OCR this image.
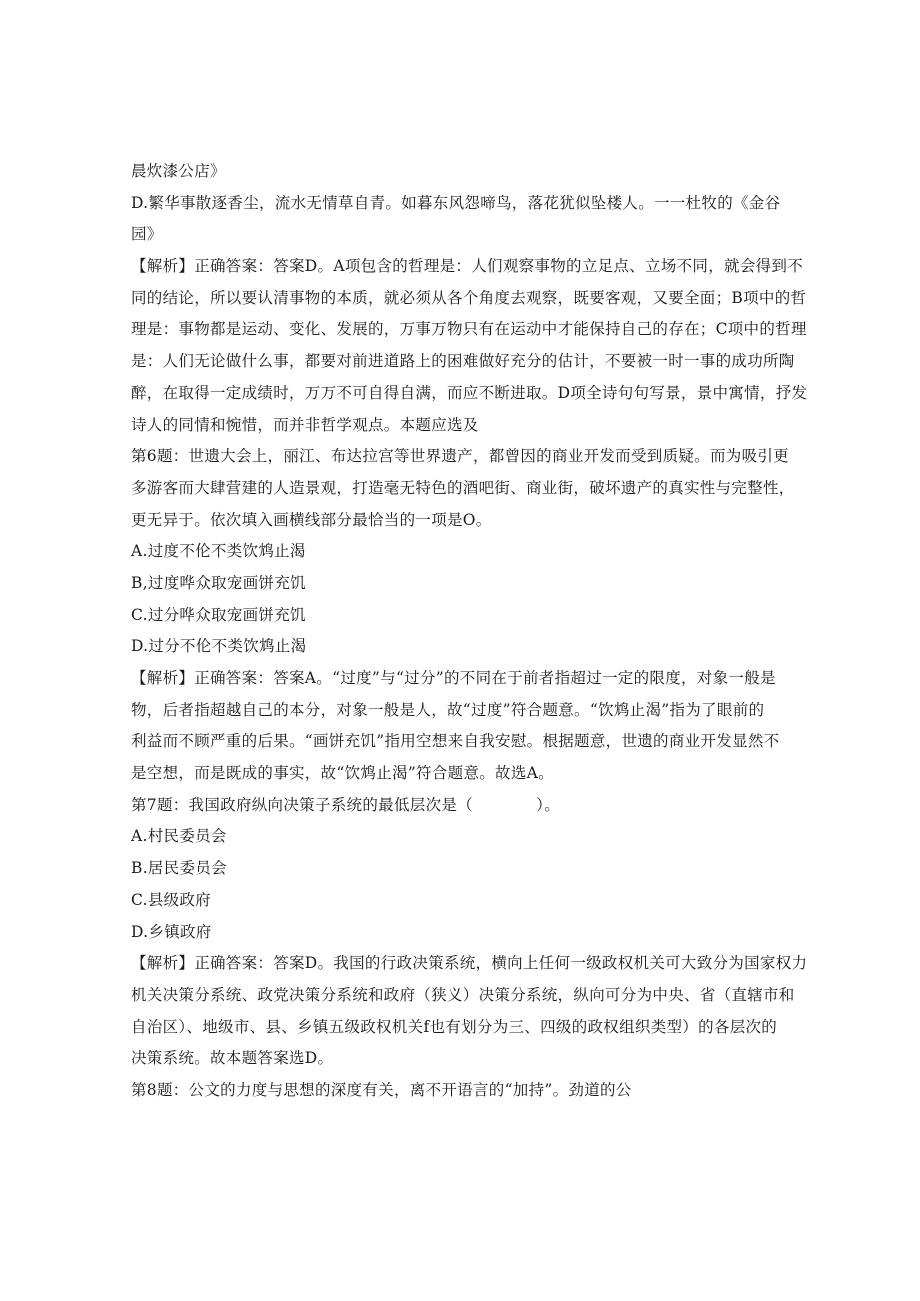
晨炊漆公店》
D.繁华事散逐香尘，流水无情草自青。如暮东风怨啼鸟，落花犹似坠楼人。一一杜牧的《金谷
园》
【解析】正确答案：答案D。A项包含的哲理是：人们观察事物的立足点、立场不同，就会得到不
同的结论，所以要认清事物的本质，就必须从各个角度去观察，既要客观，又要全面；B项中的哲
理是：事物都是运动、变化、发展的，万事万物只有在运动中才能保持自己的存在；C项中的哲理
是：人们无论做什么事，都要对前进道路上的困难做好充分的估计，不要被一时一事的成功所陶
醉，在取得一定成绩时，万万不可自得自满，而应不断进取。D项全诗句句写景，景中寓情，抒发
诗人的同情和惋惜，而并非哲学观点。本题应选及
第6题：世遗大会上，丽江、布达拉宫等世界遗产，都曾因的商业开发而受到质疑。而为吸引更
多游客而大肆营建的人造景观，打造毫无特色的酒吧街、商业街，破坏遗产的真实性与完整性，
更无异于。依次填入画横线部分最恰当的一项是O。
A.过度不伦不类饮鸩止渴
B,过度哗众取宠画饼充饥
C.过分哗众取宠画饼充饥
D.过分不伦不类饮鸩止渴
【解析】正确答案：答案A。“过度”与“过分”的不同在于前者指超过一定的限度，对象一般是
物，后者指超越自己的本分，对象一般是人，故“过度”符合题意。“饮鸩止渴”指为了眼前的
利益而不顾严重的后果。“画饼充饥”指用空想来自我安慰。根据题意，世遗的商业开发显然不
是空想，而是既成的事实，故“饮鸩止渴”符合题意。故选A。
第7题：我国政府纵向决策子系统的最低层次是（　　　　）。
A.村民委员会
B.居民委员会
C.县级政府
D.乡镇政府
【解析】正确答案：答案D。我国的行政决策系统，横向上任何一级政权机关可大致分为国家权力
机关决策分系统、政党决策分系统和政府（狭义）决策分系统，纵向可分为中央、省（直辖市和
自治区）、地级市、县、乡镇五级政权机关f也有划分为三、四级的政权组织类型）的各层次的
决策系统。故本题答案选D。
第8题：公文的力度与思想的深度有关，离不开语言的“加持”。劲道的公
